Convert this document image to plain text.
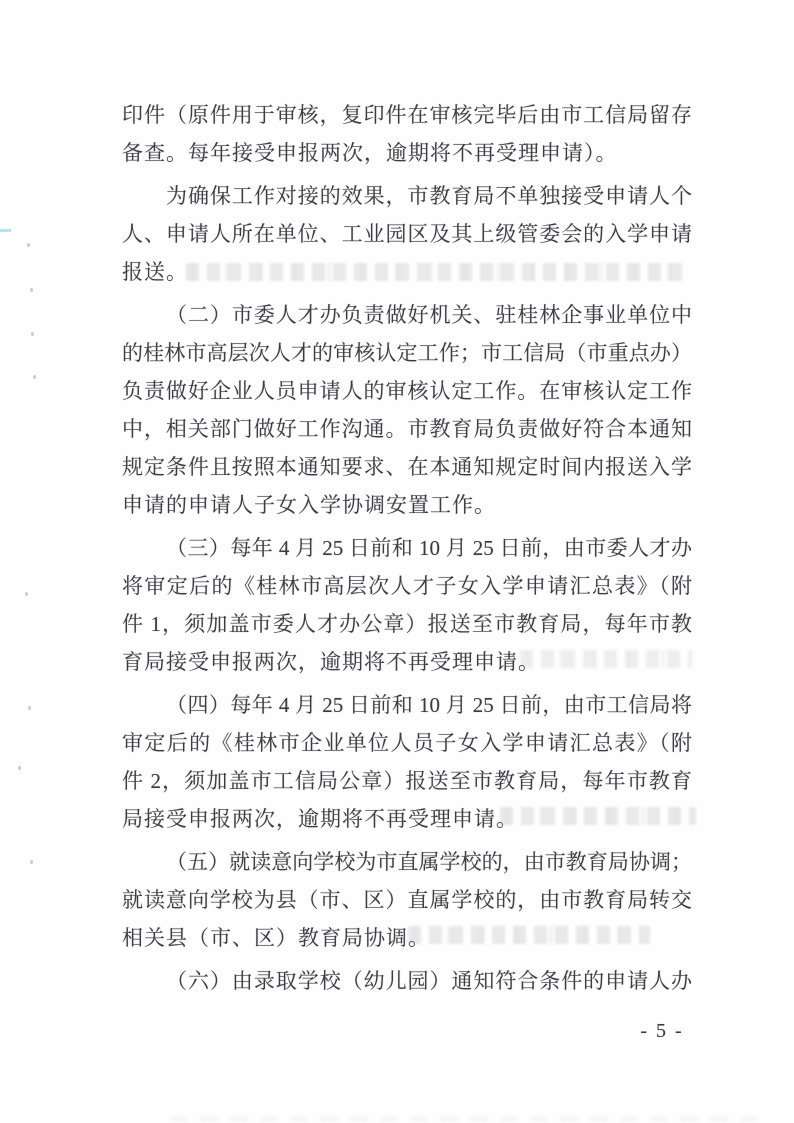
印件（原件用于审核，复印件在审核完毕后由市工信局留存
备查。每年接受申报两次，逾期将不再受理申请）。
为确保工作对接的效果，市教育局不单独接受申请人个
人、申请人所在单位、工业园区及其上级管委会的入学申请
报送。
（二）市委人才办负责做好机关、驻桂林企事业单位中
的桂林市高层次人才的审核认定工作；市工信局（市重点办）
负责做好企业人员申请人的审核认定工作。在审核认定工作
中，相关部门做好工作沟通。市教育局负责做好符合本通知
规定条件且按照本通知要求、在本通知规定时间内报送入学
申请的申请人子女入学协调安置工作。
（三）每年 4 月 25 日前和 10 月 25 日前，由市委人才办
将审定后的《桂林市高层次人才子女入学申请汇总表》（附
件 1，须加盖市委人才办公章）报送至市教育局，每年市教
育局接受申报两次，逾期将不再受理申请。
（四）每年 4 月 25 日前和 10 月 25 日前，由市工信局将
审定后的《桂林市企业单位人员子女入学申请汇总表》（附
件 2，须加盖市工信局公章）报送至市教育局，每年市教育
局接受申报两次，逾期将不再受理申请。
（五）就读意向学校为市直属学校的，由市教育局协调；
就读意向学校为县（市、区）直属学校的，由市教育局转交
相关县（市、区）教育局协调。
（六）由录取学校（幼儿园）通知符合条件的申请人办
- 5 -
